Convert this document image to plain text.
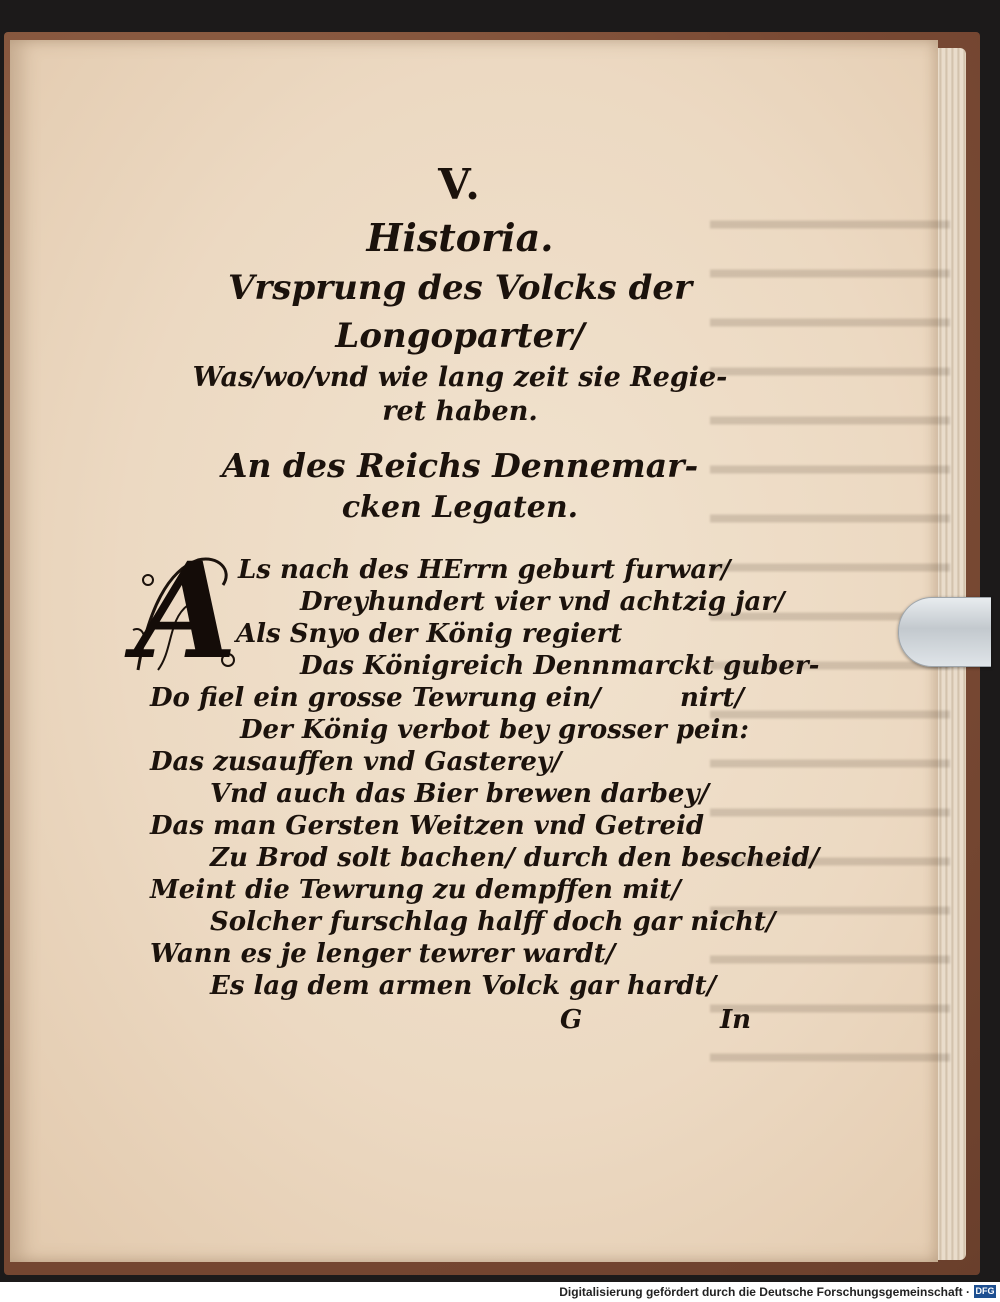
V.
Historia.
Vrsprung des Volcks der Longoparter/
Was/wo/vnd wie lang zeit sie Regie-
ret haben.
An des Reichs Dennemar-
cken Legaten.
A Ls nach des HErrn geburt furwar/
Dreyhundert vier vnd achtzig jar/
Als Snyo der König regiert
Das Königreich Dennmarckt guber-
Do fiel ein grosse Tewrung ein/	nirt/
Der König verbot bey grosser pein:
Das zusauffen vnd Gasterey/
Vnd auch das Bier brewen darbey/
Das man Gersten Weitzen vnd Getreid
Zu Brod solt bachen/ durch den bescheid/
Meint die Tewrung zu dempffen mit/
Solcher furschlag halff doch gar nicht/
Wann es je lenger tewrer wardt/
Es lag dem armen Volck gar hardt/
G	In
Digitalisierung gefördert durch die Deutsche Forschungsgemeinschaft · DFG
